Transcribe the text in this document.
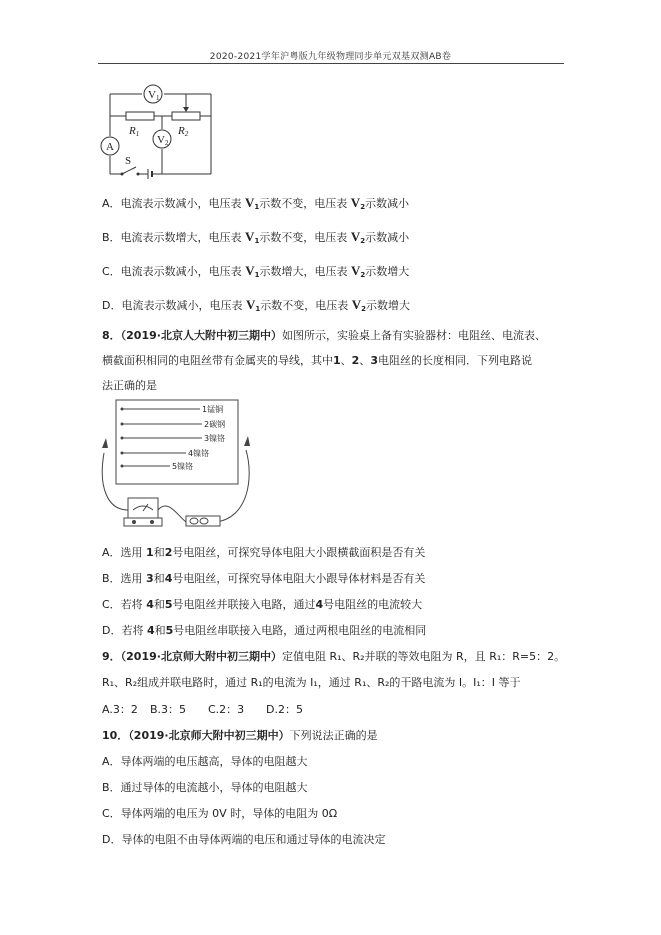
2020-2021学年沪粤版九年级物理同步单元双基双测AB卷
V1
R1	R2
A
V2
S
A．电流表示数减小，电压表 V1示数不变，电压表 V2示数减小
B．电流表示数增大，电压表 V1示数不变，电压表 V2示数减小
C．电流表示数减小，电压表 V1示数增大，电压表 V2示数增大
D．电流表示数减小，电压表 V1示数不变，电压表 V2示数增大
8．（2019·北京人大附中初三期中）如图所示，实验桌上备有实验器材：电阻丝、电流表、
横截面积相同的电阻丝带有金属夹的导线，其中1、2、3电阻丝的长度相同．下列电路说
法正确的是
1锰铜
2碳钢
3镍铬
4镍铬
5镍铬
A．选用 1和2号电阻丝，可探究导体电阻大小跟横截面积是否有关
B．选用 3和4号电阻丝，可探究导体电阻大小跟导体材料是否有关
C．若将 4和5号电阻丝并联接入电路，通过4号电阻丝的电流较大
D．若将 4和5号电阻丝串联接入电路，通过两根电阻丝的电流相同
9．（2019·北京师大附中初三期中）定值电阻 R₁、R₂并联的等效电阻为 R，且 R₁：R=5：2。
R₁、R₂组成并联电路时，通过 R₁的电流为 I₁，通过 R₁、R₂的干路电流为 I。I₁：I 等于
A.3：2 B.3：5 C.2：3 D.2：5
10．（2019·北京师大附中初三期中）下列说法正确的是
A．导体两端的电压越高，导体的电阻越大
B．通过导体的电流越小，导体的电阻越大
C．导体两端的电压为 0V 时，导体的电阻为 0Ω
D．导体的电阻不由导体两端的电压和通过导体的电流决定
